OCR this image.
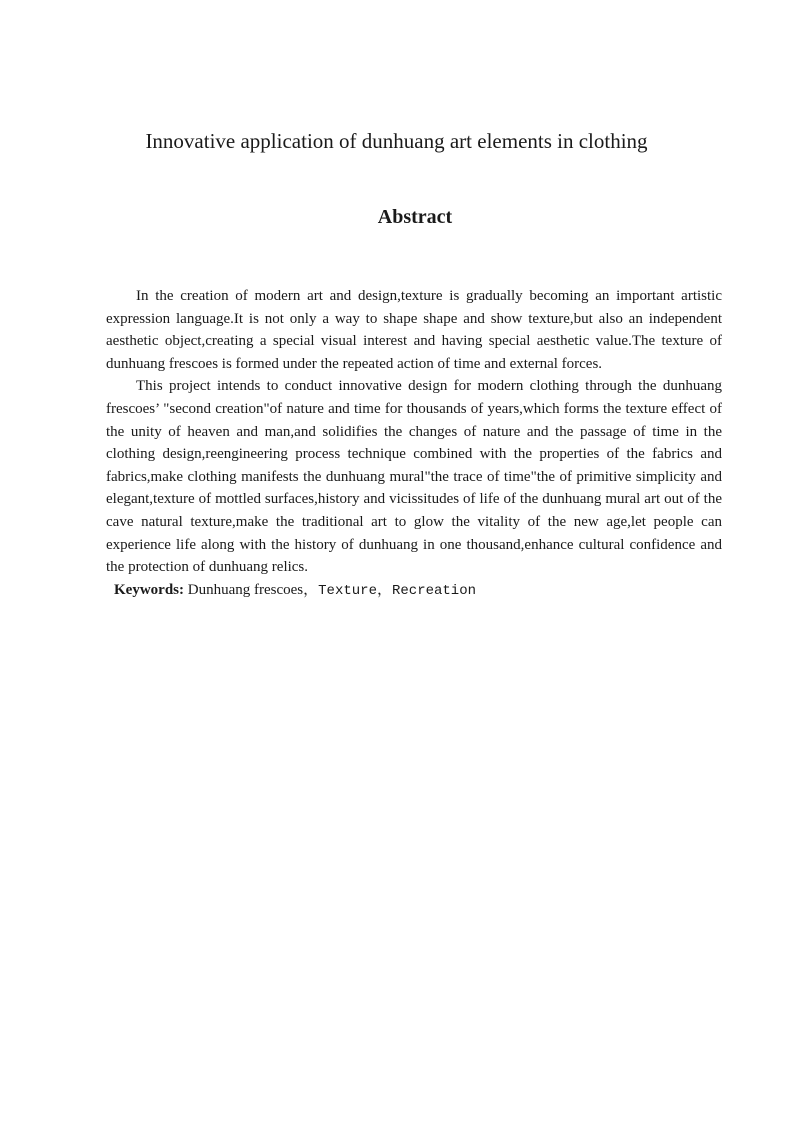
Innovative application of dunhuang art elements in clothing
Abstract

In the creation of modern art and design,texture is gradually becoming an important artistic expression language.It is not only a way to shape shape and show texture,but also an independent aesthetic object,creating a special visual interest and having special aesthetic value.The texture of dunhuang frescoes is formed under the repeated action of time and external forces.

This project intends to conduct innovative design for modern clothing through the dunhuang frescoes’ "second creation"of nature and time for thousands of years,which forms the texture effect of the unity of heaven and man,and solidifies the changes of nature and the passage of time in the clothing design,reengineering process technique combined with the properties of the fabrics and fabrics,make clothing manifests the dunhuang mural"the trace of time"the of primitive simplicity and elegant,texture of mottled surfaces,history and vicissitudes of life of the dunhuang mural art out of the cave natural texture,make the traditional art to glow the vitality of the new age,let people can experience life along with the history of dunhuang in one thousand,enhance cultural confidence and the protection of dunhuang relics.

Keywords: Dunhuang frescoes，Texture，Recreation
